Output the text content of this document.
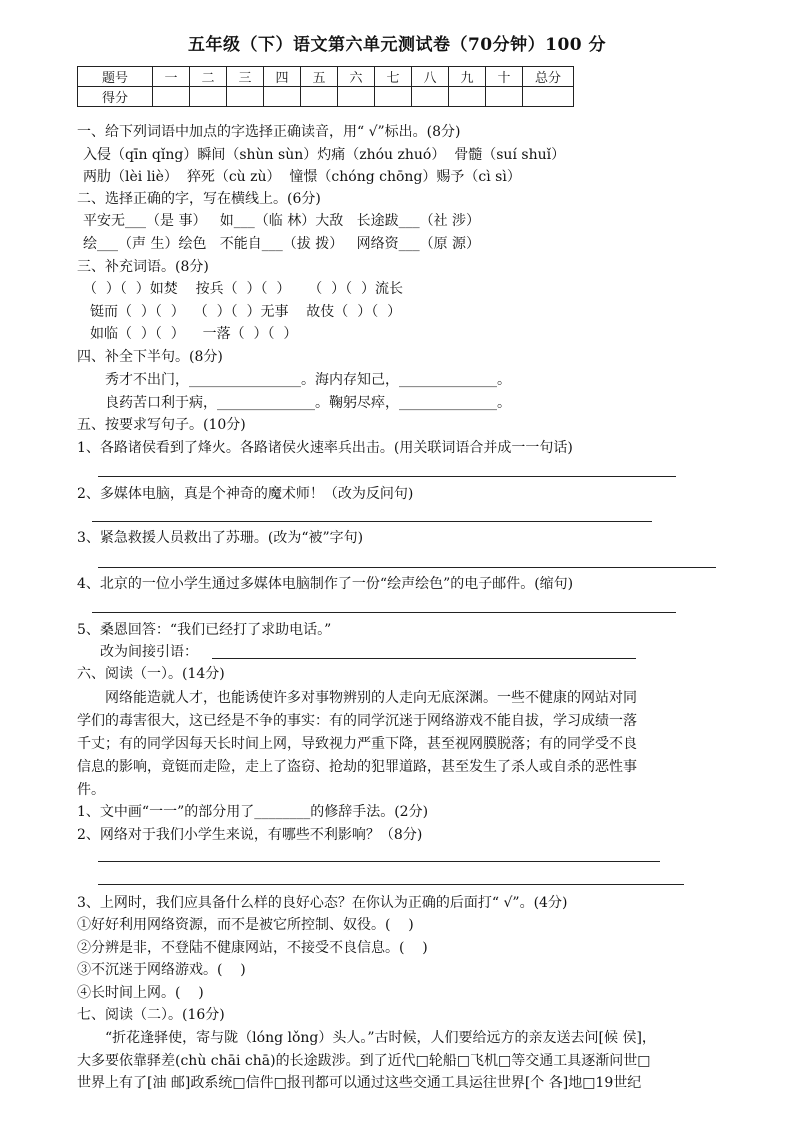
五年级（下）语文第六单元测试卷（70分钟）100 分
题号	一	二	三	四	五	六	七	八	九	十	总分
得分											
一、给下列词语中加点的字选择正确读音，用“ √”标出。(8分)
入侵（qīn qǐng）瞬间（shùn sùn）灼痛（zhóu zhuó）  骨髓（suí shuǐ）
两肋（lèi liè）  猝死（cù zù）  憧憬（chóng chōng）赐予（cì sì）
二、选择正确的字，写在横线上。(6分)
平安无___（是 事）   如___（临 林）大敌   长途跋___（社 涉）
绘___（声 生）绘色   不能自___（拔 拨）   网络资___（原 源）
三、补充词语。(8分)
（  ）（  ）如焚    按兵（  ）（  ）    （  ）（  ）流长
铤而（  ）（  ）  （  ）（  ）无事    故伎（  ）（  ）
如临（  ）（  ）    一落（  ）（  ）
四、补全下半句。(8分)
秀才不出门，________________。海内存知己，______________。
良药苦口利于病，______________。鞠躬尽瘁，______________。
五、按要求写句子。(10分)
1、各路诸侯看到了烽火。各路诸侯火速率兵出击。(用关联词语合并成一一句话)
2、多媒体电脑，真是个神奇的魔术师！（改为反问句)
3、紧急救援人员救出了苏珊。(改为“被”字句)
4、北京的一位小学生通过多媒体电脑制作了一份“绘声绘色”的电子邮件。(缩句)
5、桑恩回答：“我们已经打了求助电话。”
改为间接引语：
六、阅读（一）。(14分)
网络能造就人才，也能诱使许多对事物辨别的人走向无底深渊。一些不健康的网站对同
学们的毒害很大，这已经是不争的事实：有的同学沉迷于网络游戏不能自拔，学习成绩一落
千丈；有的同学因每天长时间上网，导致视力严重下降，甚至视网膜脱落；有的同学受不良
信息的影响，竟铤而走险，走上了盗窃、抢劫的犯罪道路，甚至发生了杀人或自杀的恶性事
件。
1、文中画“一一”的部分用了________的修辞手法。(2分)
2、网络对于我们小学生来说，有哪些不利影响？（8分)
3、上网时，我们应具备什么样的良好心态？在你认为正确的后面打“ √”。(4分)
①好好利用网络资源，而不是被它所控制、奴役。(    )
②分辨是非，不登陆不健康网站，不接受不良信息。(    )
③不沉迷于网络游戏。(    )
④长时间上网。(    )
七、阅读（二）。(16分)
“折花逢驿使，寄与陇（lóng lǒng）头人。”古时候，人们要给远方的亲友送去问[候 侯]，
大多要依靠驿差(chù chāi chā)的长途跋涉。到了近代□轮船□飞机□等交通工具逐渐问世□
世界上有了[油 邮]政系统□信件□报刊都可以通过这些交通工具运往世界[个 各]地□19世纪
